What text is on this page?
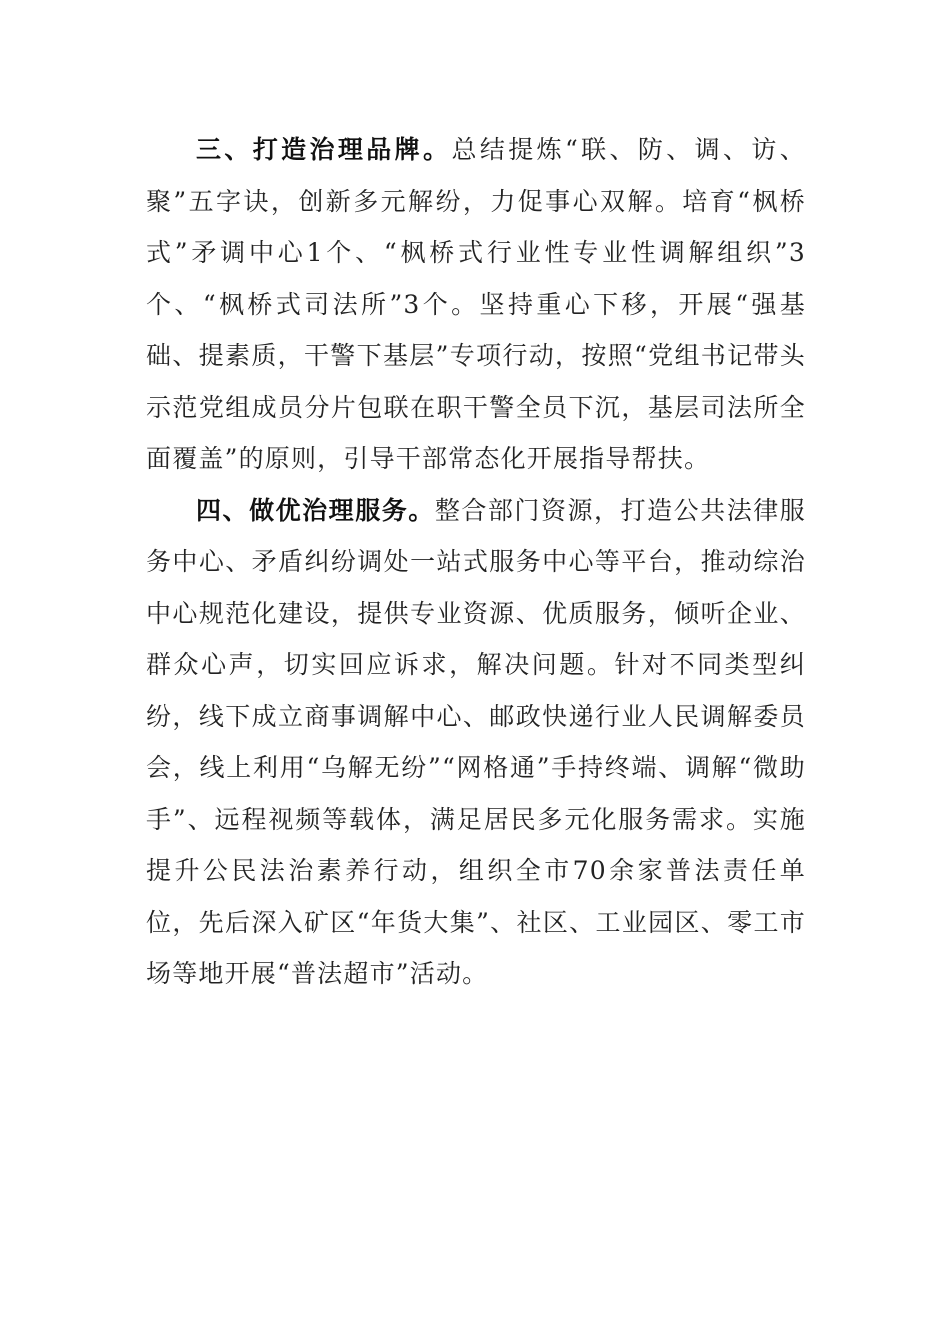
三、打造治理品牌。总结提炼“联、防、调、访、聚”五字诀，创新多元解纷，力促事心双解。培育“枫桥式”矛调中心1个、“枫桥式行业性专业性调解组织”3个、“枫桥式司法所”3个。坚持重心下移，开展“强基础、提素质，干警下基层”专项行动，按照“党组书记带头示范党组成员分片包联在职干警全员下沉，基层司法所全面覆盖”的原则，引导干部常态化开展指导帮扶。

四、做优治理服务。整合部门资源，打造公共法律服务中心、矛盾纠纷调处一站式服务中心等平台，推动综治中心规范化建设，提供专业资源、优质服务，倾听企业、群众心声，切实回应诉求，解决问题。针对不同类型纠纷，线下成立商事调解中心、邮政快递行业人民调解委员会，线上利用“乌解无纷”“网格通”手持终端、调解“微助手”、远程视频等载体，满足居民多元化服务需求。实施提升公民法治素养行动，组织全市70余家普法责任单位，先后深入矿区“年货大集”、社区、工业园区、零工市场等地开展“普法超市”活动。
